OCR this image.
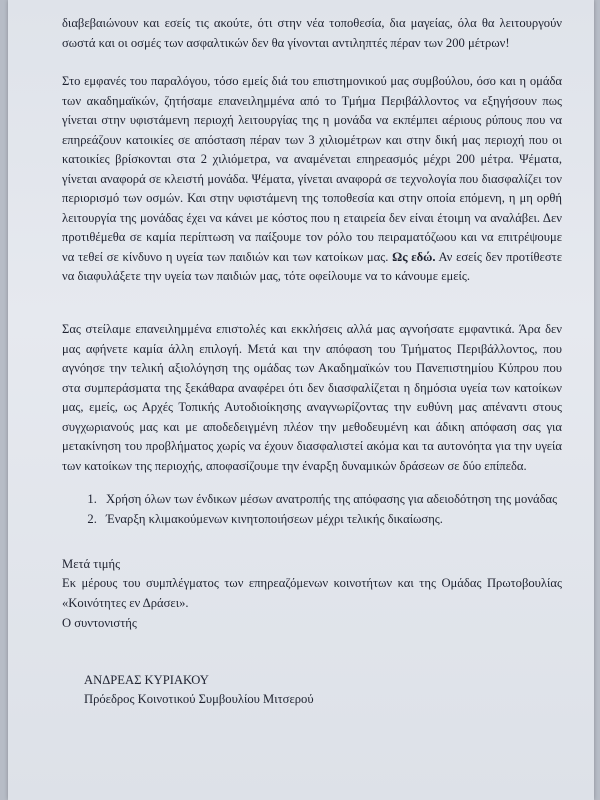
διαβεβαιώνουν και εσείς τις ακούτε, ότι στην νέα τοποθεσία, δια μαγείας, όλα θα λειτουργούν σωστά και οι οσμές των ασφαλτικών δεν θα γίνονται αντιληπτές πέραν των 200 μέτρων!

Στο εμφανές του παραλόγου, τόσο εμείς διά του επιστημονικού μας συμβούλου, όσο και η ομάδα των ακαδημαϊκών, ζητήσαμε επανειλημμένα από το Τμήμα Περιβάλλοντος να εξηγήσουν πως γίνεται στην υφιστάμενη περιοχή λειτουργίας της η μονάδα να εκπέμπει αέριους ρύπους που να επηρεάζουν κατοικίες σε απόσταση πέραν των 3 χιλιομέτρων και στην δική μας περιοχή που οι κατοικίες βρίσκονται στα 2 χιλιόμετρα, να αναμένεται επηρεασμός μέχρι 200 μέτρα. Ψέματα, γίνεται αναφορά σε κλειστή μονάδα. Ψέματα, γίνεται αναφορά σε τεχνολογία που διασφαλίζει τον περιορισμό των οσμών. Και στην υφιστάμενη της τοποθεσία και στην οποία επόμενη, η μη ορθή λειτουργία της μονάδας έχει να κάνει με κόστος που η εταιρεία δεν είναι έτοιμη να αναλάβει. Δεν προτιθέμεθα σε καμία περίπτωση να παίξουμε τον ρόλο του πειραματόζωου και να επιτρέψουμε να τεθεί σε κίνδυνο η υγεία των παιδιών και των κατοίκων μας. Ως εδώ. Αν εσείς δεν προτίθεστε να διαφυλάξετε την υγεία των παιδιών μας, τότε οφείλουμε να το κάνουμε εμείς.

Σας στείλαμε επανειλημμένα επιστολές και εκκλήσεις αλλά μας αγνοήσατε εμφαντικά. Άρα δεν μας αφήνετε καμία άλλη επιλογή. Μετά και την απόφαση του Τμήματος Περιβάλλοντος, που αγνόησε την τελική αξιολόγηση της ομάδας των Ακαδημαϊκών του Πανεπιστημίου Κύπρου που στα συμπεράσματα της ξεκάθαρα αναφέρει ότι δεν διασφαλίζεται η δημόσια υγεία των κατοίκων μας, εμείς, ως Αρχές Τοπικής Αυτοδιοίκησης αναγνωρίζοντας την ευθύνη μας απέναντι στους συγχωριανούς μας και με αποδεδειγμένη πλέον την μεθοδευμένη και άδικη απόφαση σας για μετακίνηση του προβλήματος χωρίς να έχουν διασφαλιστεί ακόμα και τα αυτονόητα για την υγεία των κατοίκων της περιοχής, αποφασίζουμε την έναρξη δυναμικών δράσεων σε δύο επίπεδα.

1. Χρήση όλων των ένδικων μέσων ανατροπής της απόφασης για αδειοδότηση της μονάδας
2. Έναρξη κλιμακούμενων κινητοποιήσεων μέχρι τελικής δικαίωσης.

Μετά τιμής

Εκ μέρους του συμπλέγματος των επηρεαζόμενων κοινοτήτων και της Ομάδας Πρωτοβουλίας «Κοινότητες εν Δράσει».

Ο συντονιστής

ΑΝΔΡΕΑΣ ΚΥΡΙΑΚΟΥ

Πρόεδρος Κοινοτικού Συμβουλίου Μιτσερού
